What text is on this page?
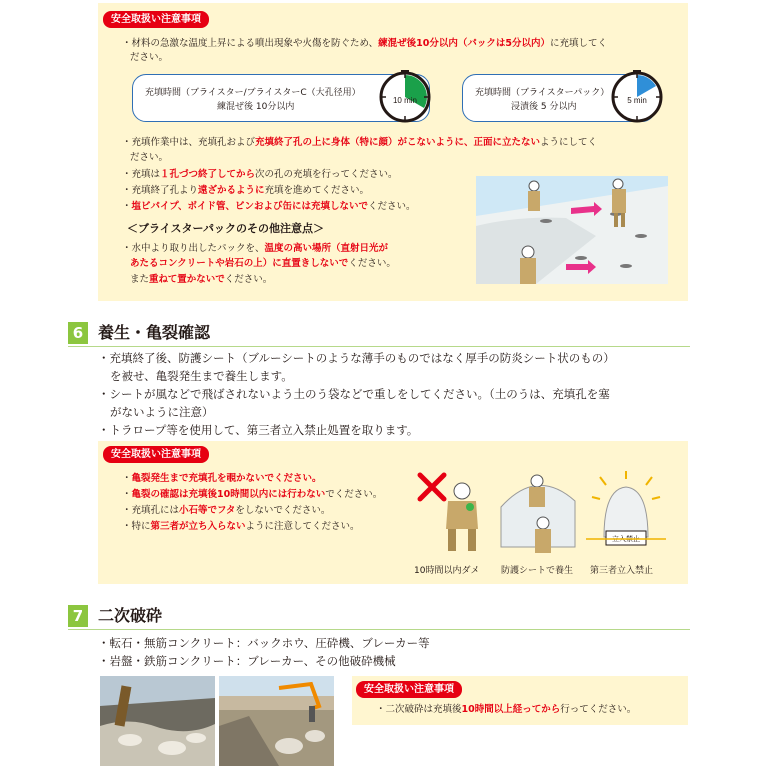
安全取扱い注意事項
・材料の急激な温度上昇による噴出現象や火傷を防ぐため、練混ぜ後10分以内（パックは5分以内）に充填してく
ださい。
充填時間（ブライスター/ブライスターC（大孔径用）
練混ぜ後 10分以内
10 min
充填時間（ブライスターパック）
浸漬後 5 分以内
5 min
・充填作業中は、充填孔および充填終了孔の上に身体（特に顔）がこないように、正面に立たないようにしてく
ださい。
・充填は１孔づつ終了してから次の孔の充填を行ってください。
・充填終了孔より遠ざかるように充填を進めてください。
・塩ビパイプ、ボイド管、ビンおよび缶には充填しないでください。
＜ブライスターパックのその他注意点＞
・水中より取り出したパックを、温度の高い場所（直射日光が
あたるコンクリートや岩石の上）に直置きしないでください。
また重ねて置かないでください。
6 養生・亀裂確認
・充填終了後、防護シート（ブルーシートのような薄手のものではなく厚手の防炎シート状のもの）
を被せ、亀裂発生まで養生します。
・シートが風などで飛ばされないよう土のう袋などで重しをしてください。（土のうは、充填孔を塞
がないように注意）
・トラロープ等を使用して、第三者立入禁止処置を取ります。
安全取扱い注意事項
・亀裂発生まで充填孔を覗かないでください。
・亀裂の確認は充填後10時間以内には行わないでください。
・充填孔には小石等でフタをしないでください。
・特に第三者が立ち入らないように注意してください。
立入禁止
10時間以内ダメ 防護シートで養生 第三者立入禁止
7 二次破砕
・転石・無筋コンクリート：バックホウ、圧砕機、ブレーカー等
・岩盤・鉄筋コンクリート：ブレーカー、その他破砕機械
安全取扱い注意事項
・二次破砕は充填後10時間以上経ってから行ってください。
